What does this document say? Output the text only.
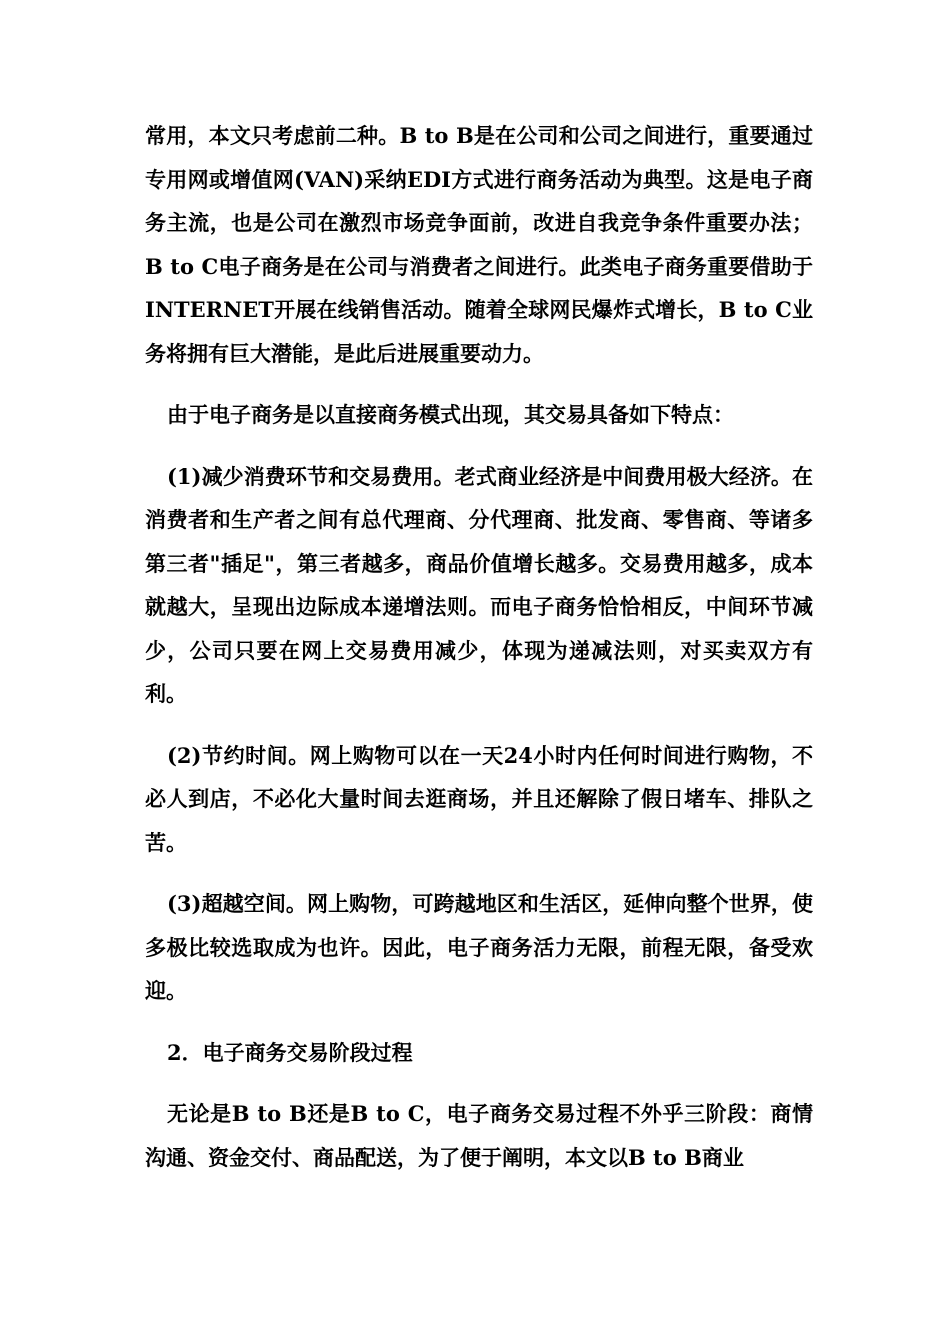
常用，本文只考虑前二种。B to B是在公司和公司之间进行，重要通过专用网或增值网(VAN)采纳EDI方式进行商务活动为典型。这是电子商务主流，也是公司在激烈市场竞争面前，改进自我竞争条件重要办法；B to C电子商务是在公司与消费者之间进行。此类电子商务重要借助于INTERNET开展在线销售活动。随着全球网民爆炸式增长，B to C业务将拥有巨大潜能，是此后进展重要动力。

由于电子商务是以直接商务模式出现，其交易具备如下特点：

(1)减少消费环节和交易费用。老式商业经济是中间费用极大经济。在消费者和生产者之间有总代理商、分代理商、批发商、零售商、等诸多第三者"插足"，第三者越多，商品价值增长越多。交易费用越多，成本就越大，呈现出边际成本递增法则。而电子商务恰恰相反，中间环节减少，公司只要在网上交易费用减少，体现为递减法则，对买卖双方有利。

(2)节约时间。网上购物可以在一天24小时内任何时间进行购物，不必人到店，不必化大量时间去逛商场，并且还解除了假日堵车、排队之苦。

(3)超越空间。网上购物，可跨越地区和生活区，延伸向整个世界，使多极比较选取成为也许。因此，电子商务活力无限，前程无限，备受欢迎。

2．电子商务交易阶段过程

无论是B to B还是B to C，电子商务交易过程不外乎三阶段：商情沟通、资金交付、商品配送，为了便于阐明，本文以B to B商业
